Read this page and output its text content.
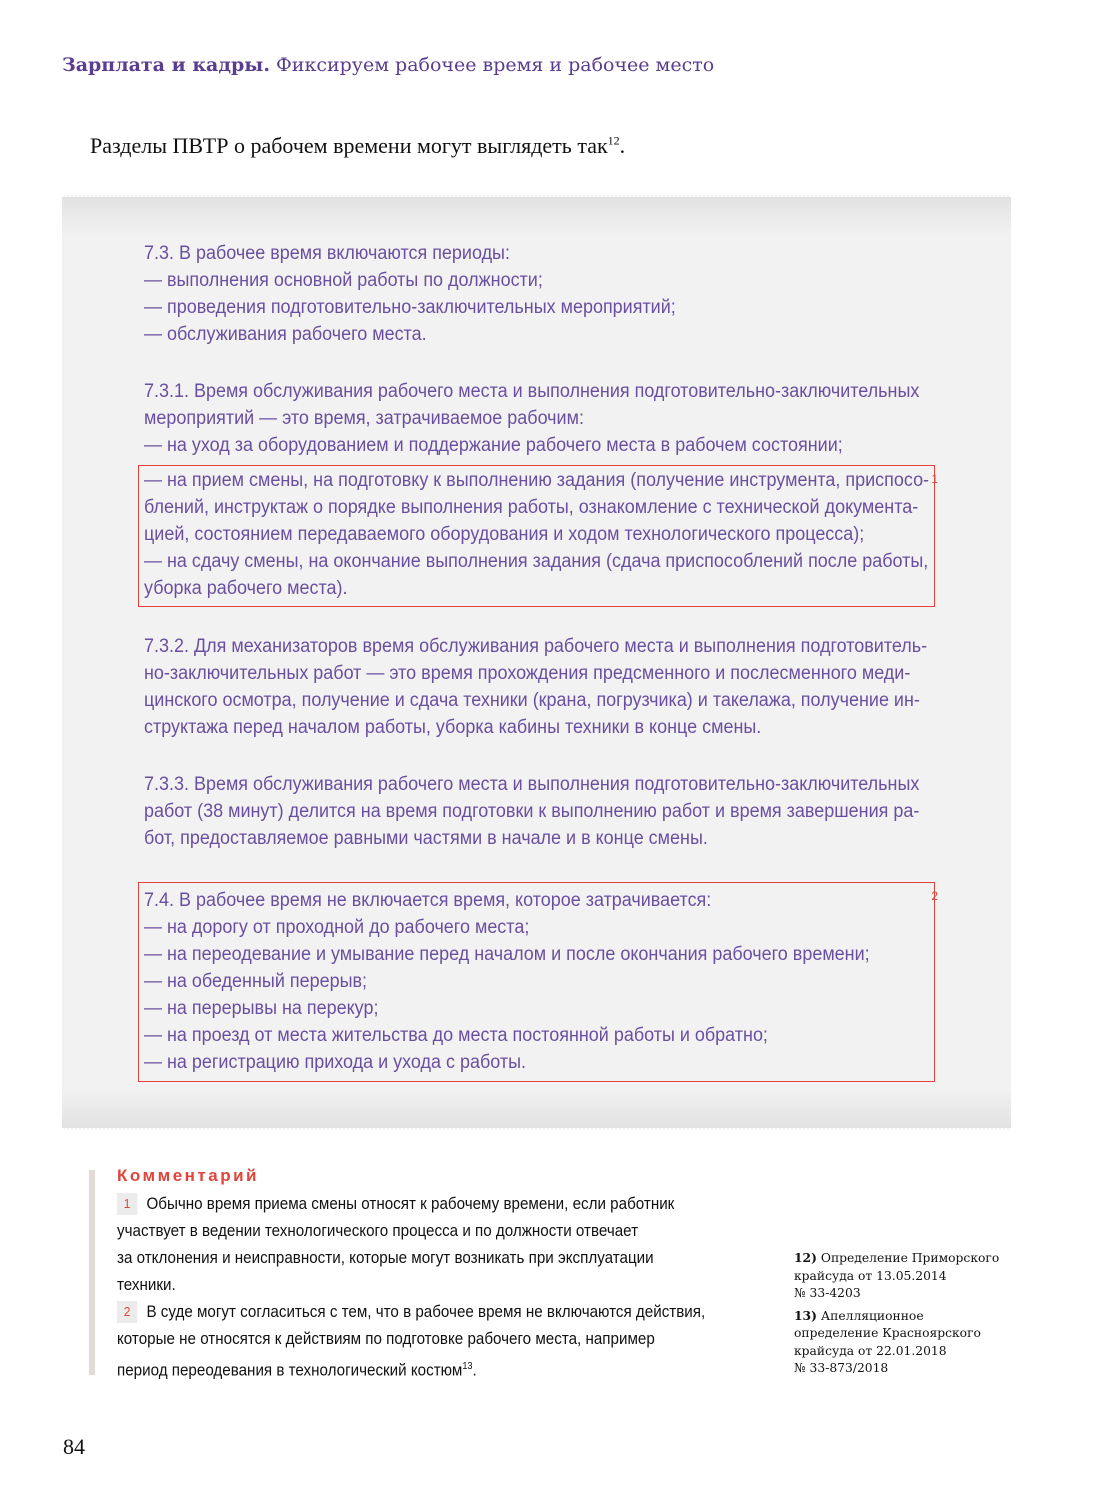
Зарплата и кадры. Фиксируем рабочее время и рабочее место
Разделы ПВТР о рабочем времени могут выглядеть так$^{12}$.
7.3. В рабочее время включаются периоды:
— выполнения основной работы по должности;
— проведения подготовительно-заключительных мероприятий;
— обслуживания рабочего места.
7.3.1. Время обслуживания рабочего места и выполнения подготовительно-заключительных
мероприятий — это время, затрачиваемое рабочим:
— на уход за оборудованием и поддержание рабочего места в рабочем состоянии;
1
— на прием смены, на подготовку к выполнению задания (получение инструмента, приспосо-
блений, инструктаж о порядке выполнения работы, ознакомление с технической документа-
цией, состоянием передаваемого оборудования и ходом технологического процесса);
— на сдачу смены, на окончание выполнения задания (сдача приспособлений после работы,
уборка рабочего места).
7.3.2. Для механизаторов время обслуживания рабочего места и выполнения подготовитель-
но-заключительных работ — это время прохождения предсменного и послесменного меди-
цинского осмотра, получение и сдача техники (крана, погрузчика) и такелажа, получение ин-
структажа перед началом работы, уборка кабины техники в конце смены.
7.3.3. Время обслуживания рабочего места и выполнения подготовительно-заключительных
работ (38 минут) делится на время подготовки к выполнению работ и время завершения ра-
бот, предоставляемое равными частями в начале и в конце смены.
2
7.4. В рабочее время не включается время, которое затрачивается:
— на дорогу от проходной до рабочего места;
— на переодевание и умывание перед началом и после окончания рабочего времени;
— на обеденный перерыв;
— на перерывы на перекур;
— на проезд от места жительства до места постоянной работы и обратно;
— на регистрацию прихода и ухода с работы.
Комментарий
1 Обычно время приема смены относят к рабочему времени, если работник
участвует в ведении технологического процесса и по должности отвечает
за отклонения и неисправности, которые могут возникать при эксплуатации
техники.
2 В суде могут согласиться с тем, что в рабочее время не включаются действия,
которые не относятся к действиям по подготовке рабочего места, например
период переодевания в технологический костюм$^{13}$.
12) Определение Приморского
крайсуда от 13.05.2014
№ 33-4203
13) Апелляционное
определение Красноярского
крайсуда от 22.01.2018
№ 33-873/2018
84
